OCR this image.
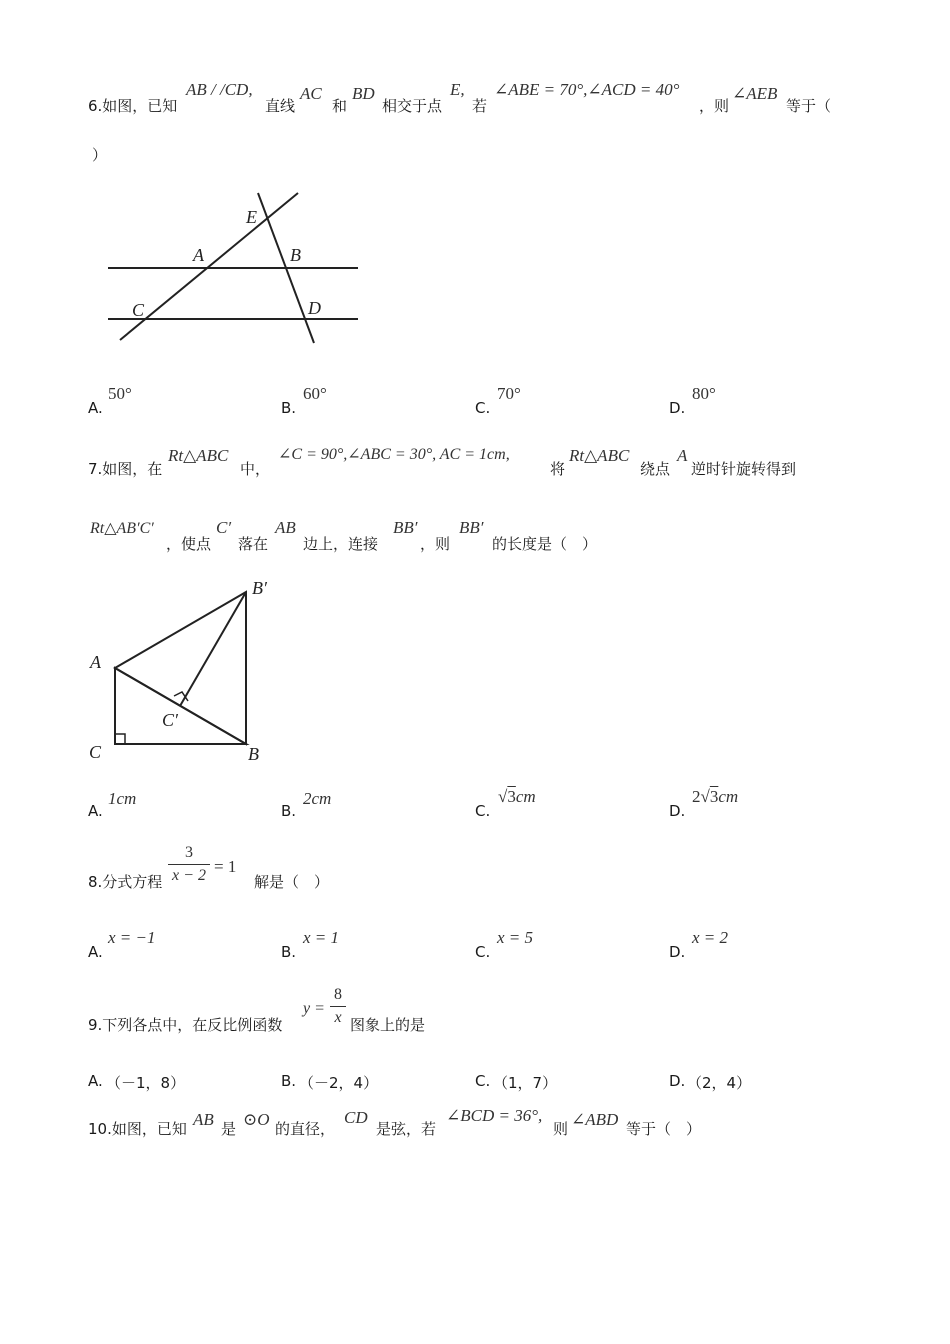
6.如图，已知
AB / /CD,
直线
AC
和
BD
相交于点
E,
若
∠ABE = 70°,∠ACD = 40°
，则
∠AEB
等于（
）
E
A	B
C	D
A.
50°
B.
60°
C.
70°
D.
80°
7.如图，在
Rt△ABC
中，
∠C = 90°,∠ABC = 30°, AC = 1cm,
将
Rt△ABC
绕点
A
逆时针旋转得到
Rt△AB′C′
，使点
C′
落在
AB
边上，连接
BB′
，则
BB′
的长度是（　）
B′
A
C′
C	B
A.
1cm
B.
2cm
C.
√3cm
D.
2√3cm
8.分式方程
3
x − 2 = 1
解是（　）
A.
x = −1
B.
x = 1
C.
x = 5
D.
x = 2
9.下列各点中，在反比例函数
y =
8
x 图象上的是
A. （－1，8）	B. （－2，4）	C. （1，7）	D. （2，4）
10.如图，已知 AB 是 ⊙O 的直径，
CD
是弦，若
∠BCD = 36°,
则 ∠ABD 等于（　）
